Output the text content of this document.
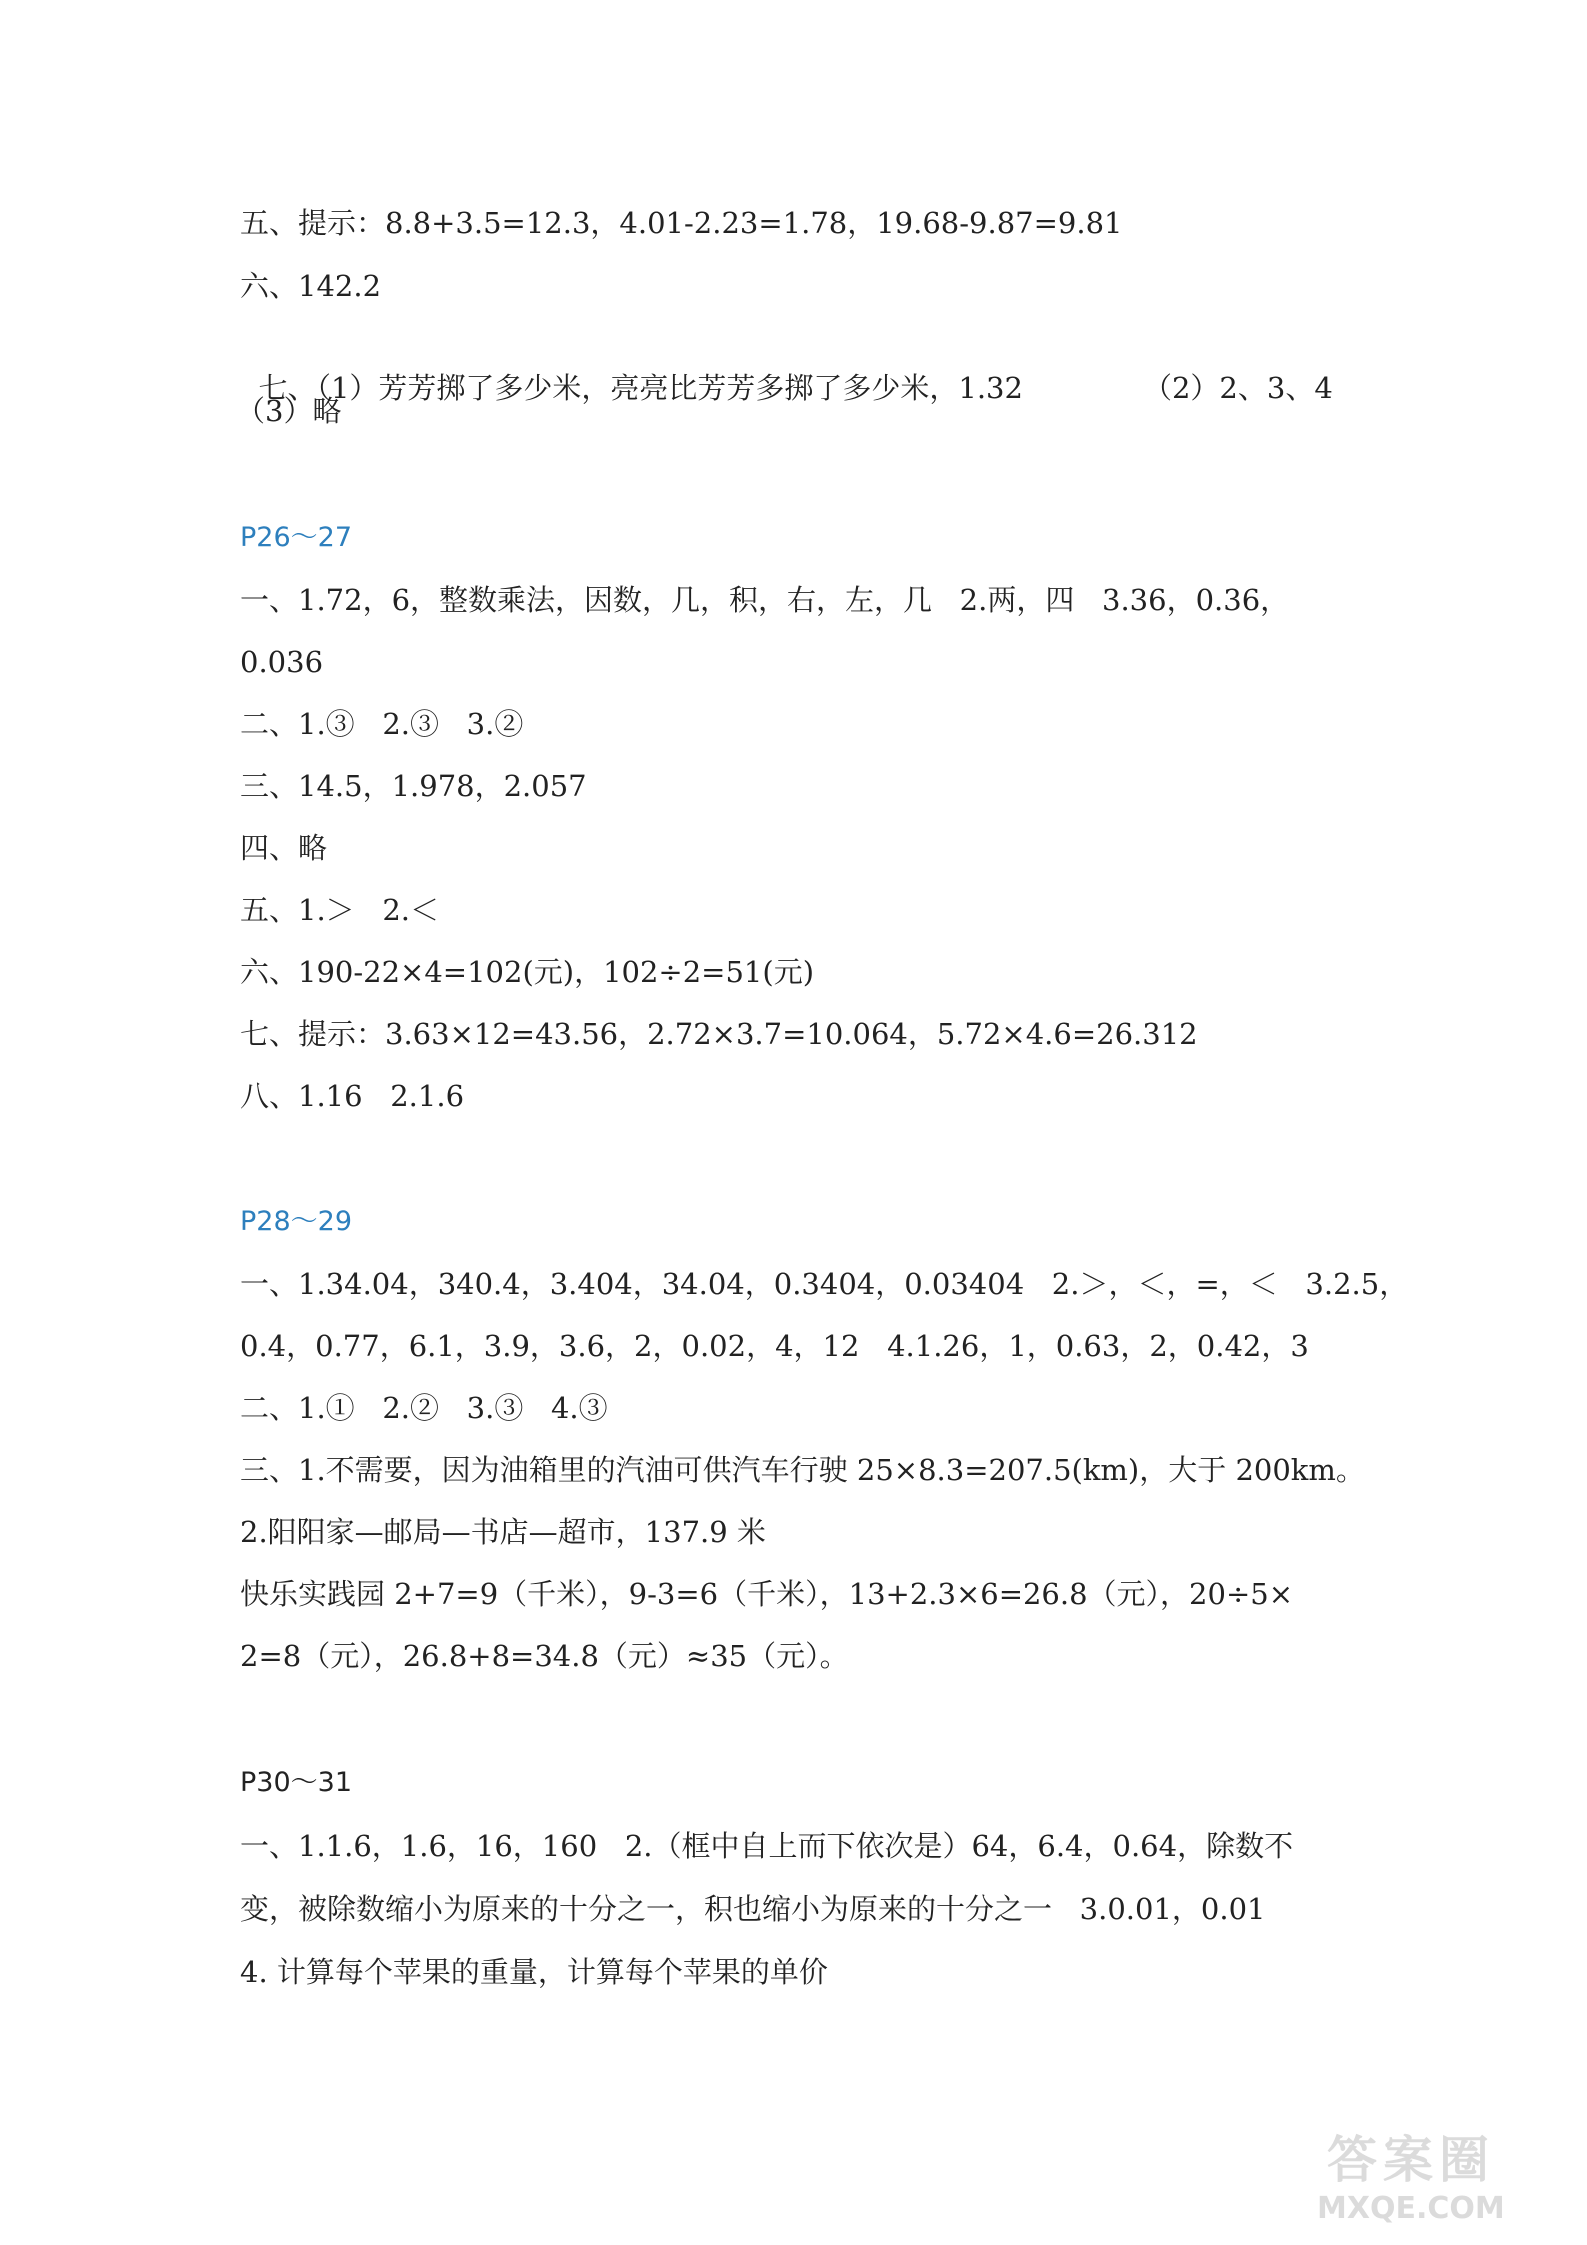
五、提示：8.8+3.5=12.3，4.01-2.23=1.78，19.68-9.87=9.81
六、142.2

七、（1）芳芳掷了多少米，亮亮比芳芳多掷了多少米，1.32	（2）2、3、4

（3）略
P26～27
一、1.72，6，整数乘法，因数，几，积，右，左，几   2.两，四   3.36，0.36，
0.036
二、1.③   2.③   3.②
三、14.5，1.978，2.057
四、略
五、1.＞   2.＜
六、190-22×4=102(元)，102÷2=51(元)
七、提示：3.63×12=43.56，2.72×3.7=10.064，5.72×4.6=26.312
八、1.16   2.1.6
P28～29
一、1.34.04，340.4，3.404，34.04，0.3404，0.03404   2.＞，＜，=，＜   3.2.5，
0.4，0.77，6.1，3.9，3.6，2，0.02，4，12   4.1.26，1，0.63，2，0.42，3
二、1.①   2.②   3.③   4.③
三、1.不需要，因为油箱里的汽油可供汽车行驶 25×8.3=207.5(km)，大于 200km。
2.阳阳家—邮局—书店—超市，137.9 米
快乐实践园 2+7=9（千米），9-3=6（千米），13+2.3×6=26.8（元），20÷5×
2=8（元），26.8+8=34.8（元）≈35（元）。
P30～31
一、1.1.6，1.6，16，160   2.（框中自上而下依次是）64，6.4，0.64，除数不
变，被除数缩小为原来的十分之一，积也缩小为原来的十分之一   3.0.01，0.01
4. 计算每个苹果的重量，计算每个苹果的单价
答案圈
MXQE.COM
